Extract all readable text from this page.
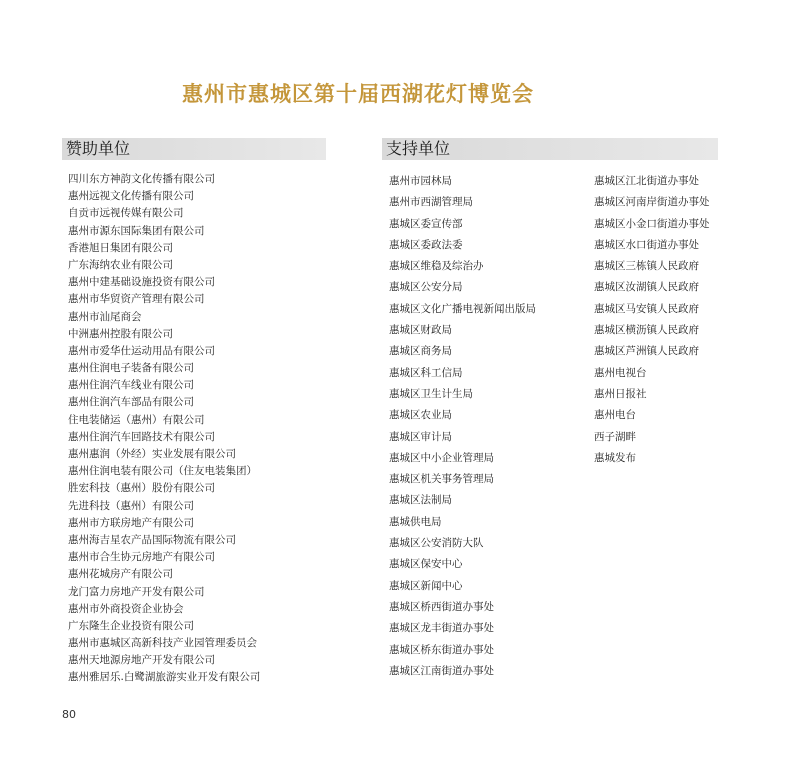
惠州市惠城区第十届西湖花灯博览会
赞助单位	支持单位
四川东方神韵文化传播有限公司
惠州远视文化传播有限公司
自贡市远视传媒有限公司
惠州市源东国际集团有限公司
香港旭日集团有限公司
广东海纳农业有限公司
惠州中建基础设施投资有限公司
惠州市华贸资产管理有限公司
惠州市汕尾商会
中洲惠州控股有限公司
惠州市爱华仕运动用品有限公司
惠州住润电子装备有限公司
惠州住润汽车线业有限公司
惠州住润汽车部品有限公司
住电装储运（惠州）有限公司
惠州住润汽车回路技术有限公司
惠州惠润（外经）实业发展有限公司
惠州住润电装有限公司（住友电装集团）
胜宏科技（惠州）股份有限公司
先进科技（惠州）有限公司
惠州市方联房地产有限公司
惠州海吉星农产品国际物流有限公司
惠州市合生协元房地产有限公司
惠州花城房产有限公司
龙门富力房地产开发有限公司
惠州市外商投资企业协会
广东隆生企业投资有限公司
惠州市惠城区高新科技产业园管理委员会
惠州天地源房地产开发有限公司
惠州雅居乐.白鹭湖旅游实业开发有限公司
惠州市园林局
惠州市西湖管理局
惠城区委宣传部
惠城区委政法委
惠城区维稳及综治办
惠城区公安分局
惠城区文化广播电视新闻出版局
惠城区财政局
惠城区商务局
惠城区科工信局
惠城区卫生计生局
惠城区农业局
惠城区审计局
惠城区中小企业管理局
惠城区机关事务管理局
惠城区法制局
惠城供电局
惠城区公安消防大队
惠城区保安中心
惠城区新闻中心
惠城区桥西街道办事处
惠城区龙丰街道办事处
惠城区桥东街道办事处
惠城区江南街道办事处
惠城区江北街道办事处
惠城区河南岸街道办事处
惠城区小金口街道办事处
惠城区水口街道办事处
惠城区三栋镇人民政府
惠城区汝湖镇人民政府
惠城区马安镇人民政府
惠城区横沥镇人民政府
惠城区芦洲镇人民政府
惠州电视台
惠州日报社
惠州电台
西子湖畔
惠城发布
80
